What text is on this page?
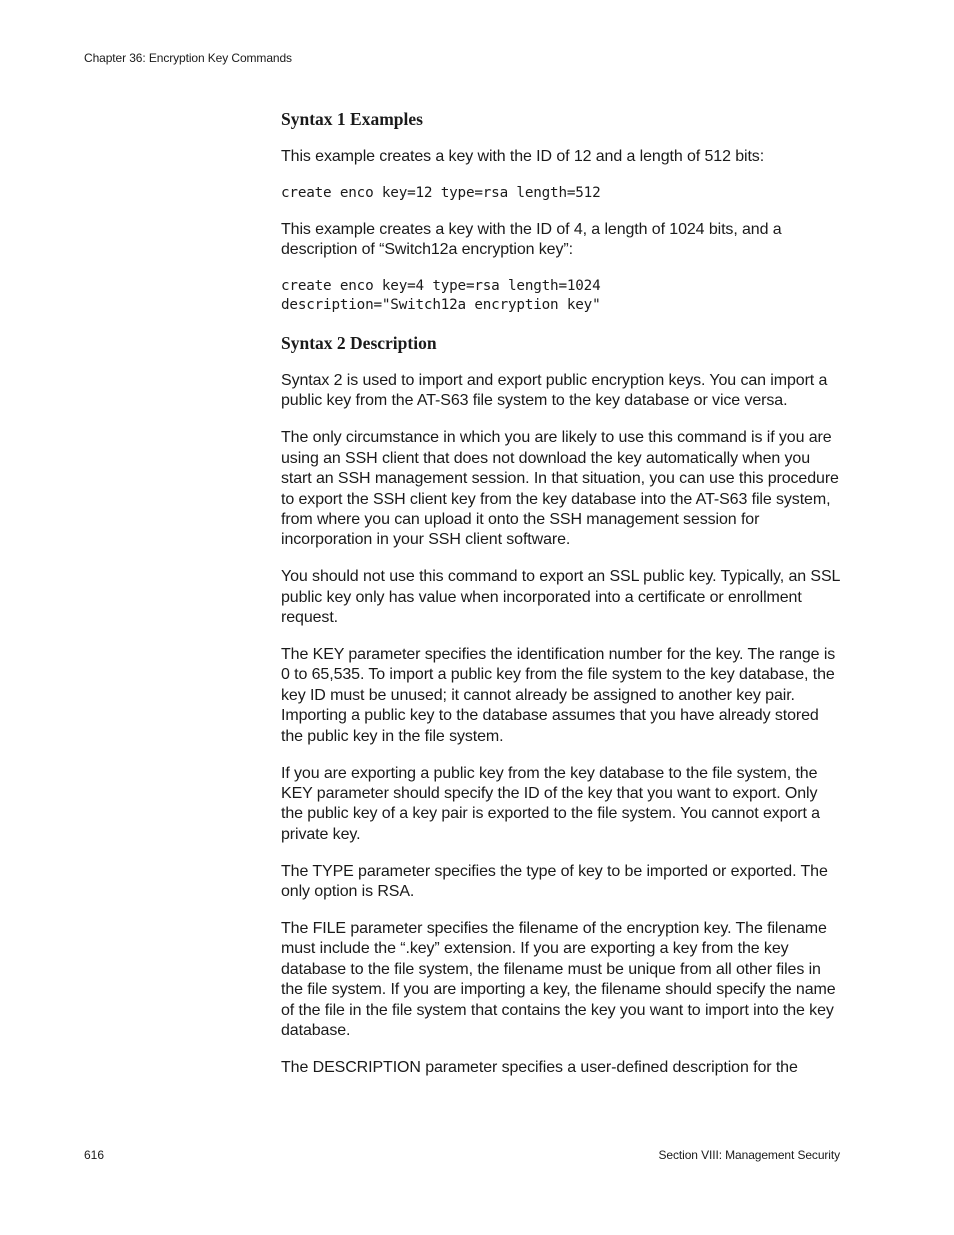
Chapter 36: Encryption Key Commands
Syntax 1 Examples

This example creates a key with the ID of 12 and a length of 512 bits:

create enco key=12 type=rsa length=512

This example creates a key with the ID of 4, a length of 1024 bits, and a description of “Switch12a encryption key”:

create enco key=4 type=rsa length=1024
description="Switch12a encryption key"
Syntax 2 Description

Syntax 2 is used to import and export public encryption keys. You can import a public key from the AT-S63 file system to the key database or vice versa.

The only circumstance in which you are likely to use this command is if you are using an SSH client that does not download the key automatically when you start an SSH management session. In that situation, you can use this procedure to export the SSH client key from the key database into the AT-S63 file system, from where you can upload it onto the SSH management session for incorporation in your SSH client software.

You should not use this command to export an SSL public key. Typically, an SSL public key only has value when incorporated into a certificate or enrollment request.

The KEY parameter specifies the identification number for the key. The range is 0 to 65,535. To import a public key from the file system to the key database, the key ID must be unused; it cannot already be assigned to another key pair. Importing a public key to the database assumes that you have already stored the public key in the file system.

If you are exporting a public key from the key database to the file system, the KEY parameter should specify the ID of the key that you want to export. Only the public key of a key pair is exported to the file system. You cannot export a private key.

The TYPE parameter specifies the type of key to be imported or exported. The only option is RSA.

The FILE parameter specifies the filename of the encryption key. The filename must include the “.key” extension. If you are exporting a key from the key database to the file system, the filename must be unique from all other files in the file system. If you are importing a key, the filename should specify the name of the file in the file system that contains the key you want to import into the key database.

The DESCRIPTION parameter specifies a user-defined description for the

616	Section VIII: Management Security
